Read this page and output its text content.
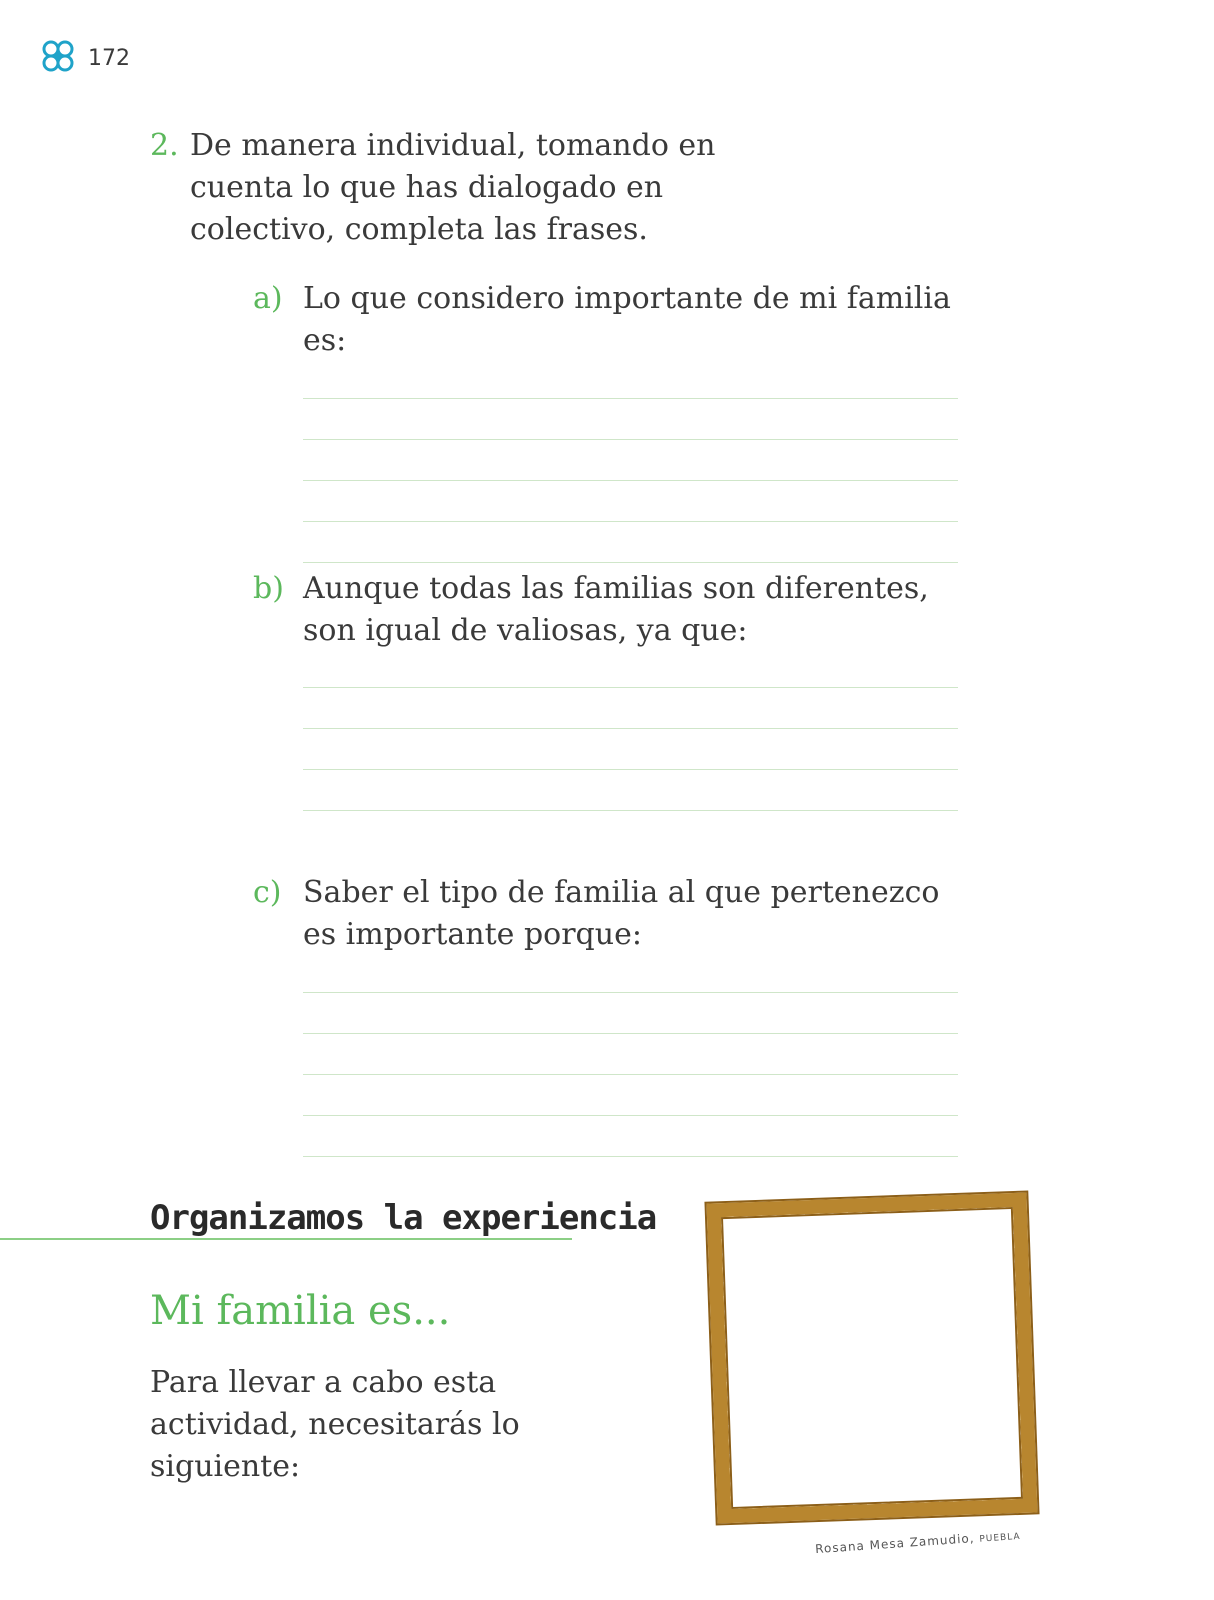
172
2. De manera individual, tomando en cuenta lo que has dialogado en colectivo, completa las frases.
a) Lo que considero importante de mi familia es:
b) Aunque todas las familias son diferentes, son igual de valiosas, ya que:
c) Saber el tipo de familia al que pertenezco es importante porque:
Organizamos la experiencia
Mi familia es...
Para llevar a cabo esta actividad, necesitarás lo siguiente:
Rosana Mesa Zamudio, PUEBLA
